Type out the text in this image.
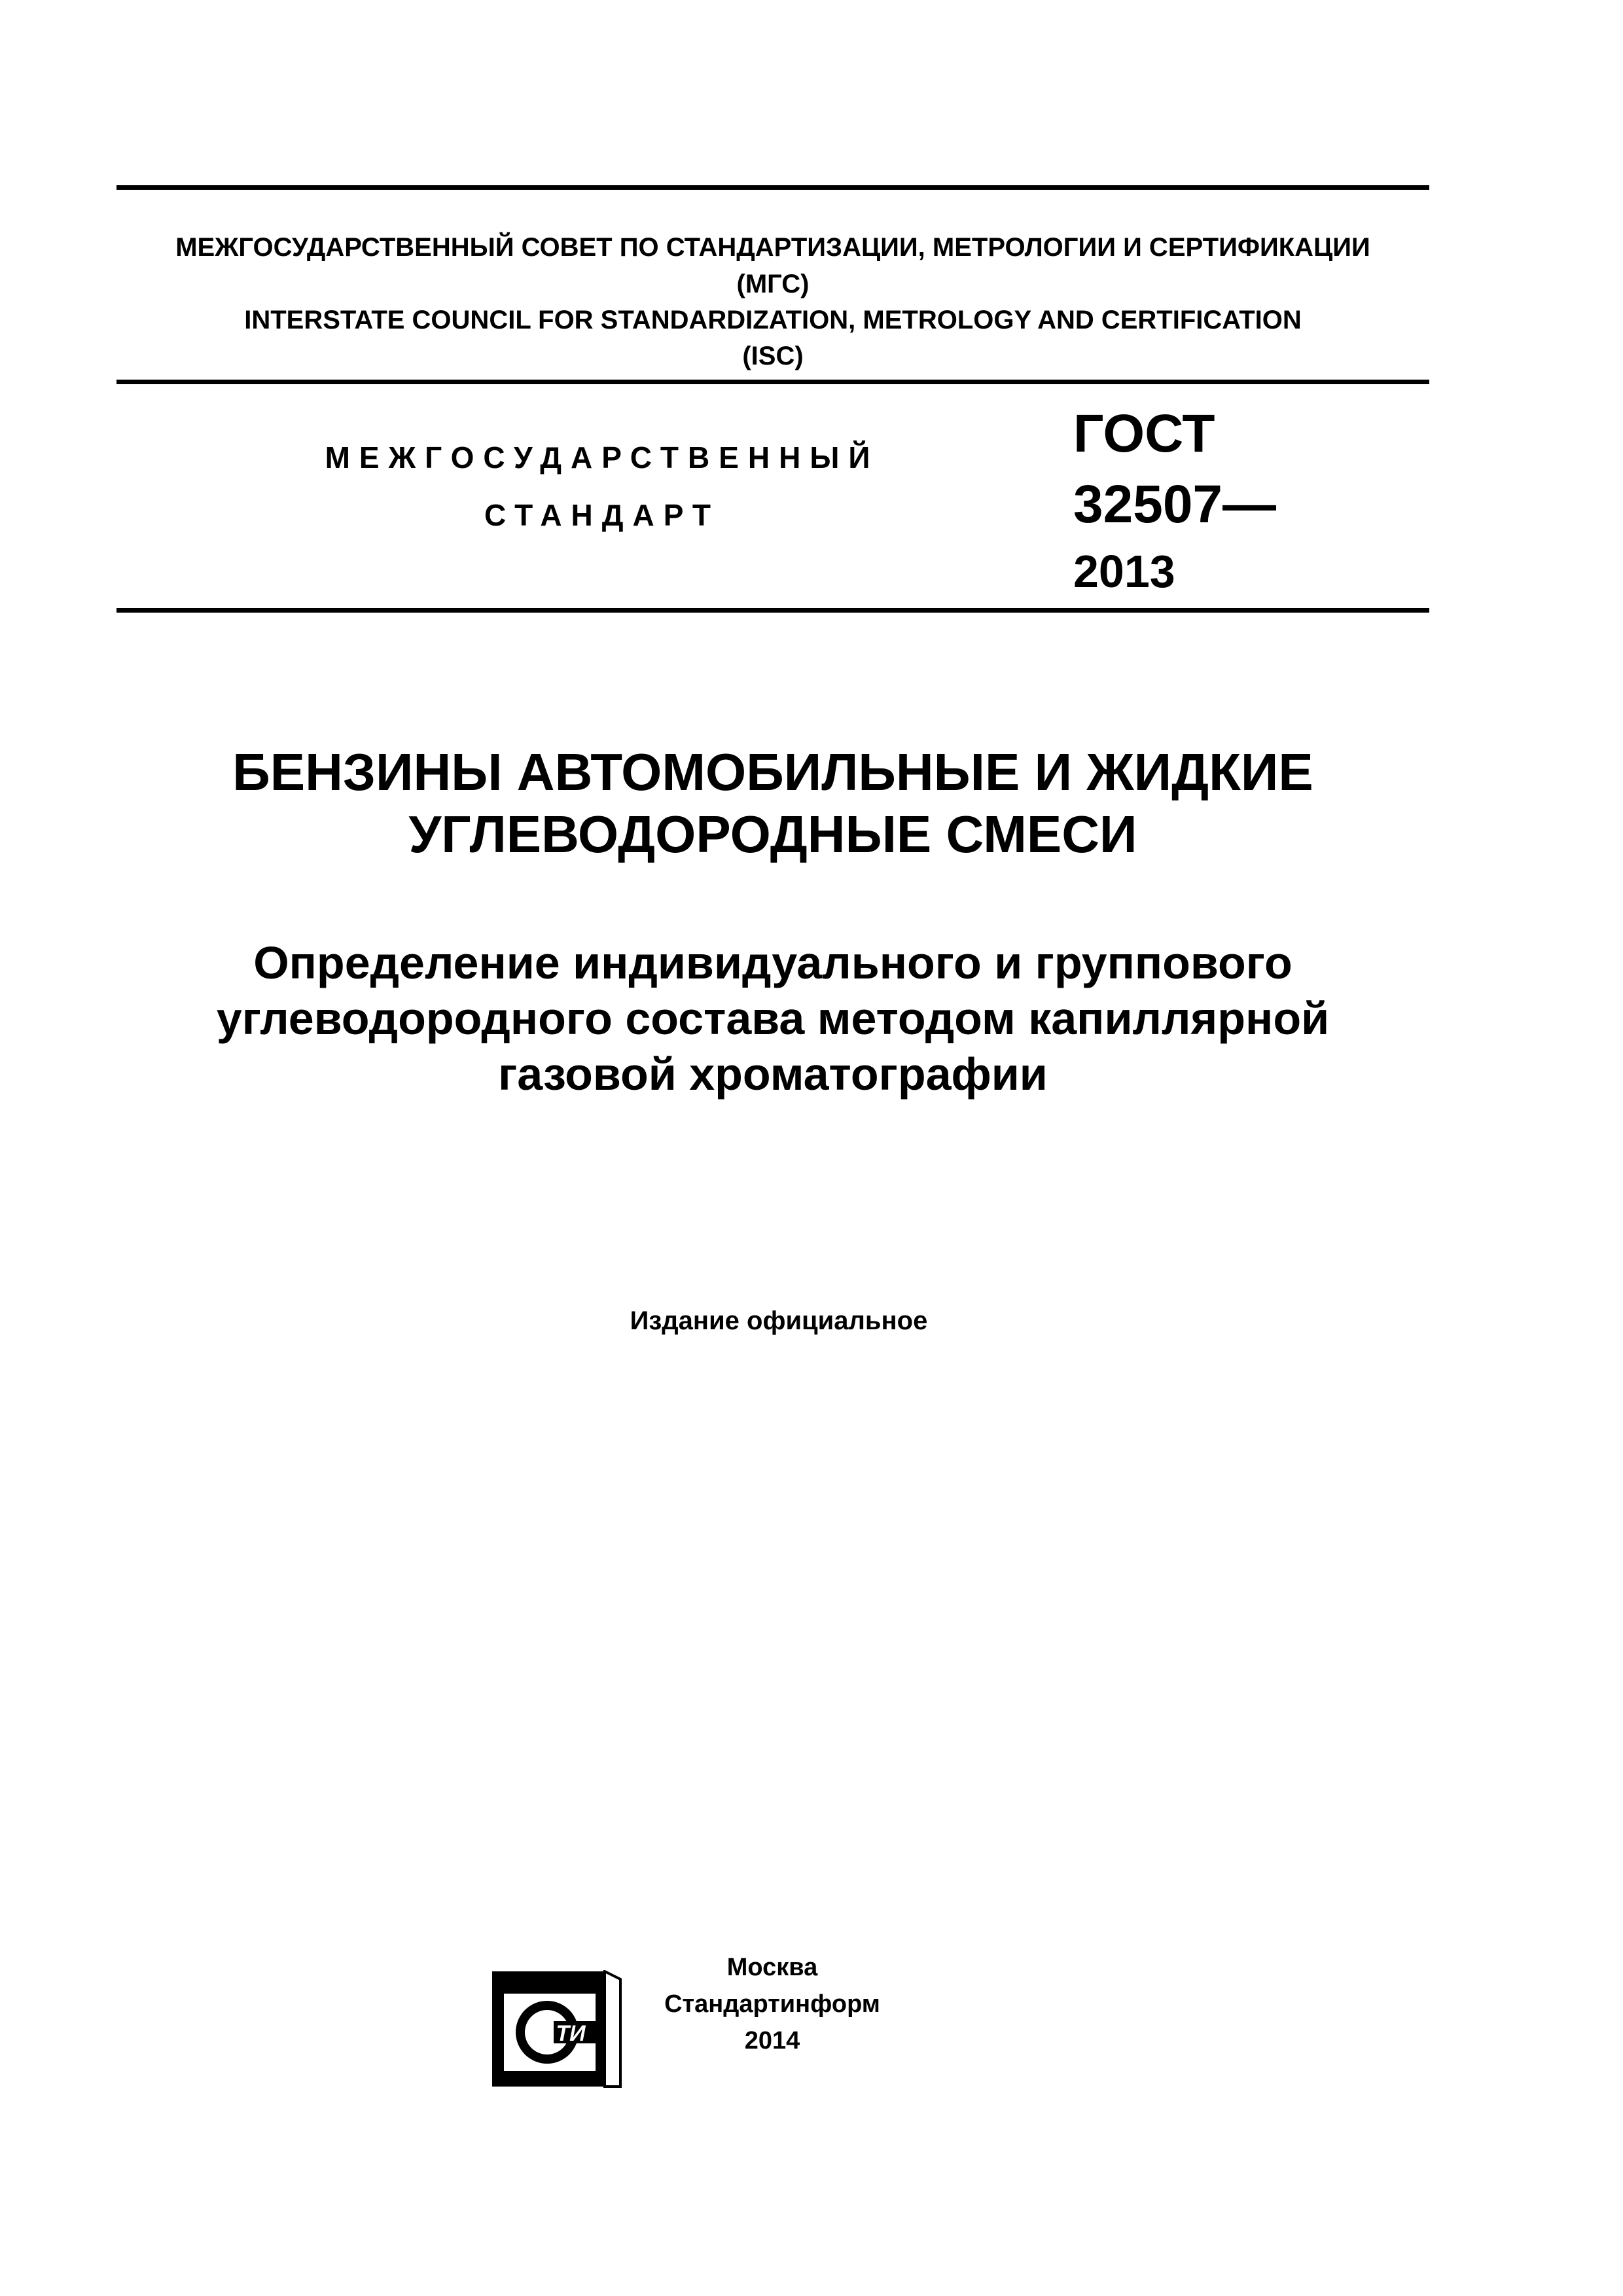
МЕЖГОСУДАРСТВЕННЫЙ СОВЕТ ПО СТАНДАРТИЗАЦИИ, МЕТРОЛОГИИ И СЕРТИФИКАЦИИ
(МГС)
INTERSTATE COUNCIL FOR STANDARDIZATION, METROLOGY AND CERTIFICATION
(ISC)
МЕЖГОСУДАРСТВЕННЫЙ
СТАНДАРТ
ГОСТ
32507—
2013
БЕНЗИНЫ АВТОМОБИЛЬНЫЕ И ЖИДКИЕ
УГЛЕВОДОРОДНЫЕ СМЕСИ
Определение индивидуального и группового
углеводородного состава методом капиллярной
газовой хроматографии
Издание официальное
ТИ
Москва
Стандартинформ
2014
